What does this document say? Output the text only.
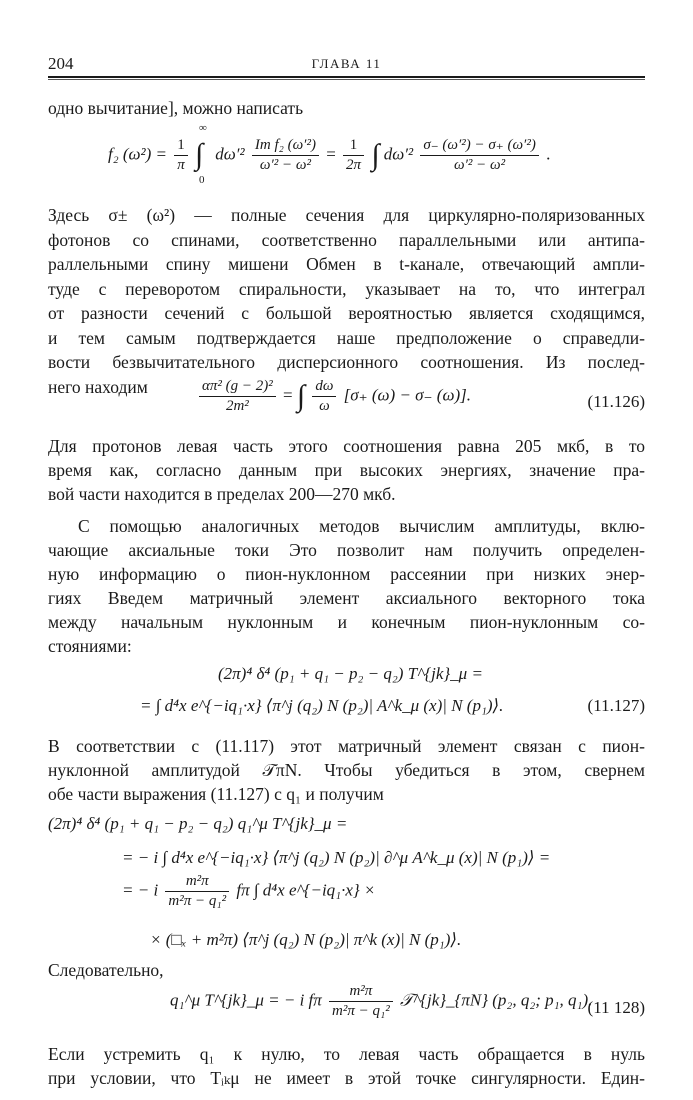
204	ГЛАВА 11
одно вычитание], можно написать
f₂ $(\omega^2) = \frac{1}{\pi}$ ∫
∞
0
$d\omega'^2 \frac{\text{Im f₂ (ω′²)}}{\text{ω′² − ω²}} = \frac{1}{2\pi}$ ∫ $d\omega'^2 \frac{\text{σ₋ (ω′²) − σ₊ (ω′²)}}{\text{ω′² − ω²}}$ .
Здесь σ± (ω²) — полные сечения для циркулярно-поляризованных
фотонов со спинами, соответственно параллельными или антипа-
раллельными спину мишени Обмен в t-канале, отвечающий ампли-
туде с переворотом спиральности, указывает на то, что интеграл
от разности сечений с большой вероятностью является сходящимся,
и тем самым подтверждается наше предположение о справедли-
вости безвычитательного дисперсионного соотношения. Из послед-
него находим	$\frac{\text{απ² (g − 2)²}}{\text{2m²}}$ = ∫ $\frac{d\omega}{\omega} [\sigma_+$ (ω) − σ₋ (ω)].	(11.126)
Для протонов левая часть этого соотношения равна 205 мкб, в то
время как, согласно данным при высоких энергиях, значение пра-
вой части находится в пределах 200—270 мкб.
С помощью аналогичных методов вычислим амплитуды, вклю-
чающие аксиальные токи Это позволит нам получить определен-
ную информацию о пион-нуклонном рассеянии при низких энер-
гиях Введем матричный элемент аксиального векторного тока
между начальным нуклонным и конечным пион-нуклонным со-
стояниями:
(2π)⁴ δ⁴ (p₁ + q₁ − p₂ − q₂) T^{jk}_μ =
= ∫ d⁴x e^{−iq₁·x} ⟨π^j (q₂) N (p₂)| A^k_μ (x)| N (p₁)⟩.	(11.127)
В соответствии с (11.117) этот матричный элемент связан с пион-
нуклонной амплитудой 𝒯πN. Чтобы убедиться в этом, свернем
обе части выражения (11.127) с q₁ и получим
(2π)⁴ δ⁴ (p₁ + q₁ − p₂ − q₂) q₁^μ T^{jk}_μ =
= − i ∫ d⁴x e^{−iq₁·x} ⟨π^j (q₂) N (p₂)| ∂^μ A^k_μ (x)| N (p₁)⟩ =
= − i $\frac{\text{m²π}}{\text{m²π − q₁²}}$ fπ ∫ d⁴x e^{−iq₁·x} ×
× (□ₓ + m²π) ⟨π^j (q₂) N (p₂)| π^k (x)| N (p₁)⟩.
Следовательно,
q₁^μ T^{jk}_μ = − i fπ $\frac{\text{m²π}}{\text{m²π − q₁²}}$ 𝒯^{jk}_{πN} (p₂, q₂; p₁, q₁).
(11 128)
Если устремить q₁ к нулю, то левая часть обращается в нуль
при условии, что Tᵢₖμ не имеет в этой точке сингулярности. Един-
